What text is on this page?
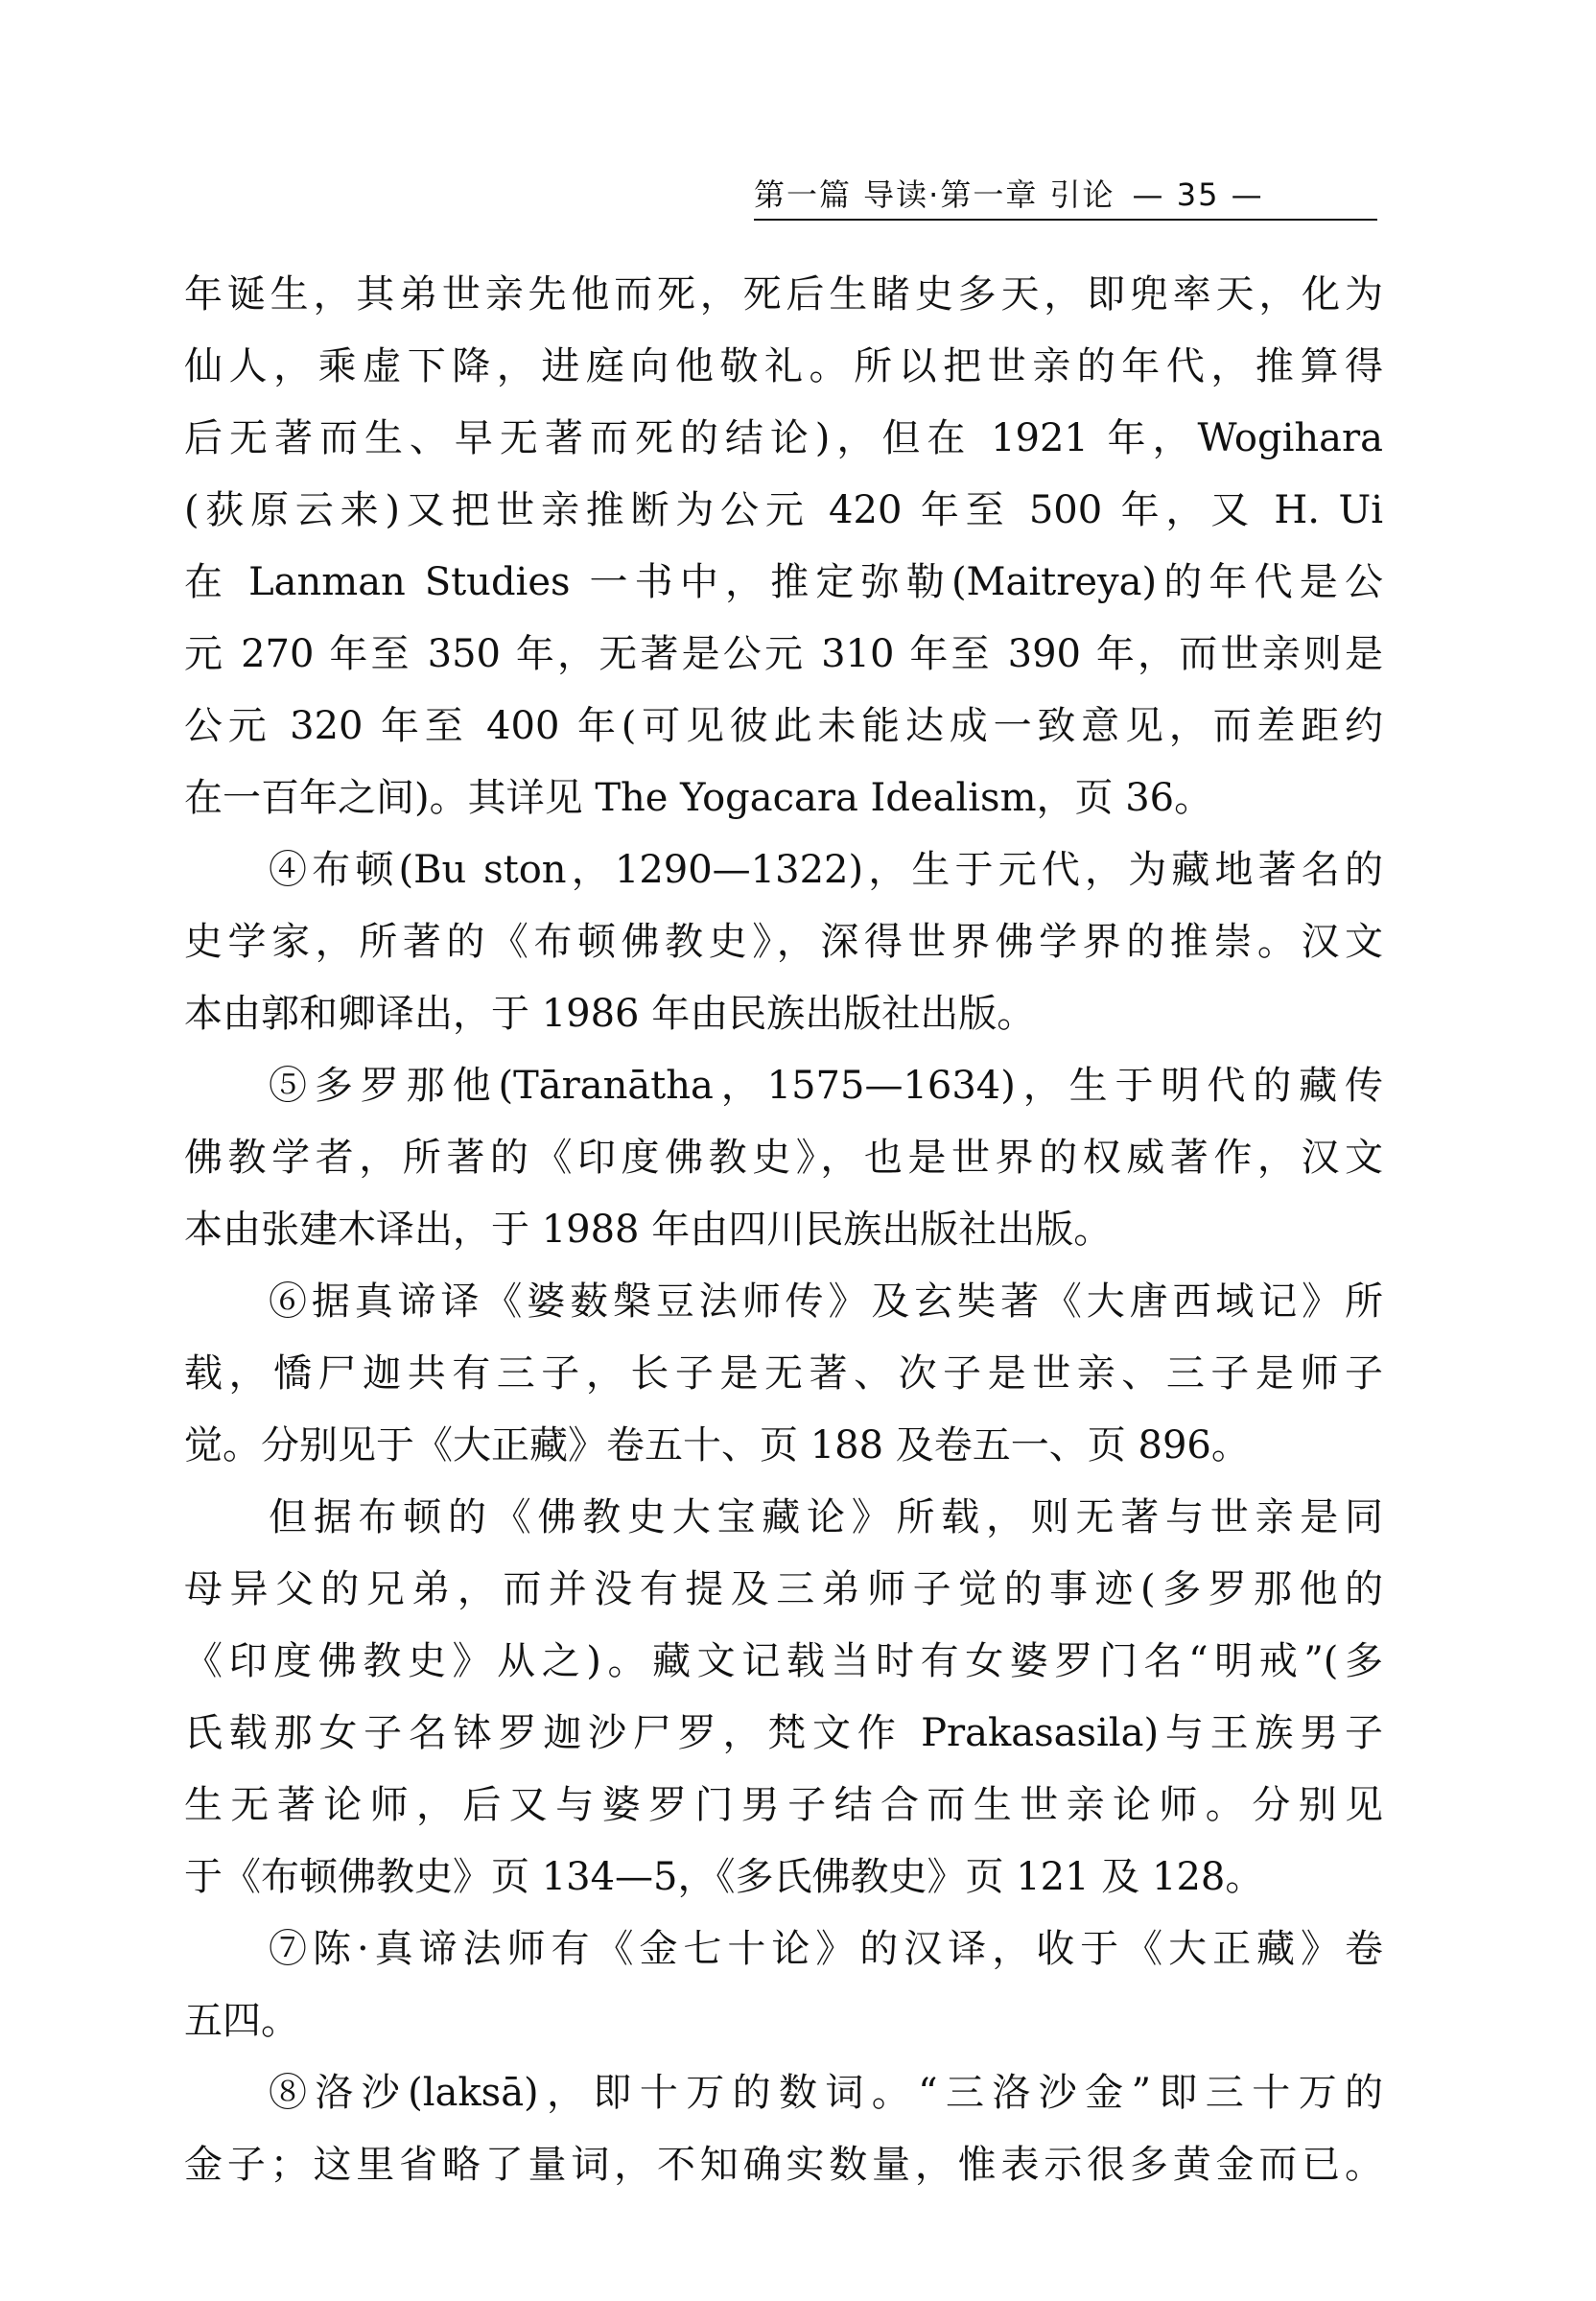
第一篇 导读·第一章 引论 — 35 —
年诞生，其弟世亲先他而死，死后生睹史多天，即兜率天，化为
仙人，乘虚下降，进庭向他敬礼。所以把世亲的年代，推算得
后无著而生、早无著而死的结论)，但在 1921 年，Wogihara
(荻原云来)又把世亲推断为公元 420 年至 500 年，又 H. Ui
在 Lanman Studies 一书中，推定弥勒(Maitreya)的年代是公
元 270 年至 350 年，无著是公元 310 年至 390 年，而世亲则是
公元 320 年至 400 年(可见彼此未能达成一致意见，而差距约
在一百年之间)。其详见 The Yogacara Idealism，页 36。
④布顿(Bu ston，1290—1322)，生于元代，为藏地著名的
史学家，所著的《布顿佛教史》，深得世界佛学界的推崇。汉文
本由郭和卿译出，于 1986 年由民族出版社出版。
⑤多罗那他(Tāranātha，1575—1634)，生于明代的藏传
佛教学者，所著的《印度佛教史》，也是世界的权威著作，汉文
本由张建木译出，于 1988 年由四川民族出版社出版。
⑥据真谛译《婆薮槃豆法师传》及玄奘著《大唐西域记》所
载，憍尸迦共有三子，长子是无著、次子是世亲、三子是师子
觉。分别见于《大正藏》卷五十、页 188 及卷五一、页 896。
但据布顿的《佛教史大宝藏论》所载，则无著与世亲是同
母异父的兄弟，而并没有提及三弟师子觉的事迹(多罗那他的
《印度佛教史》从之)。藏文记载当时有女婆罗门名“明戒”(多
氏载那女子名钵罗迦沙尸罗，梵文作 Prakasasila)与王族男子
生无著论师，后又与婆罗门男子结合而生世亲论师。分别见
于《布顿佛教史》页 134—5，《多氏佛教史》页 121 及 128。
⑦陈·真谛法师有《金七十论》的汉译，收于《大正藏》卷
五四。
⑧洛沙(laksā)，即十万的数词。“三洛沙金”即三十万的
金子；这里省略了量词，不知确实数量，惟表示很多黄金而已。
